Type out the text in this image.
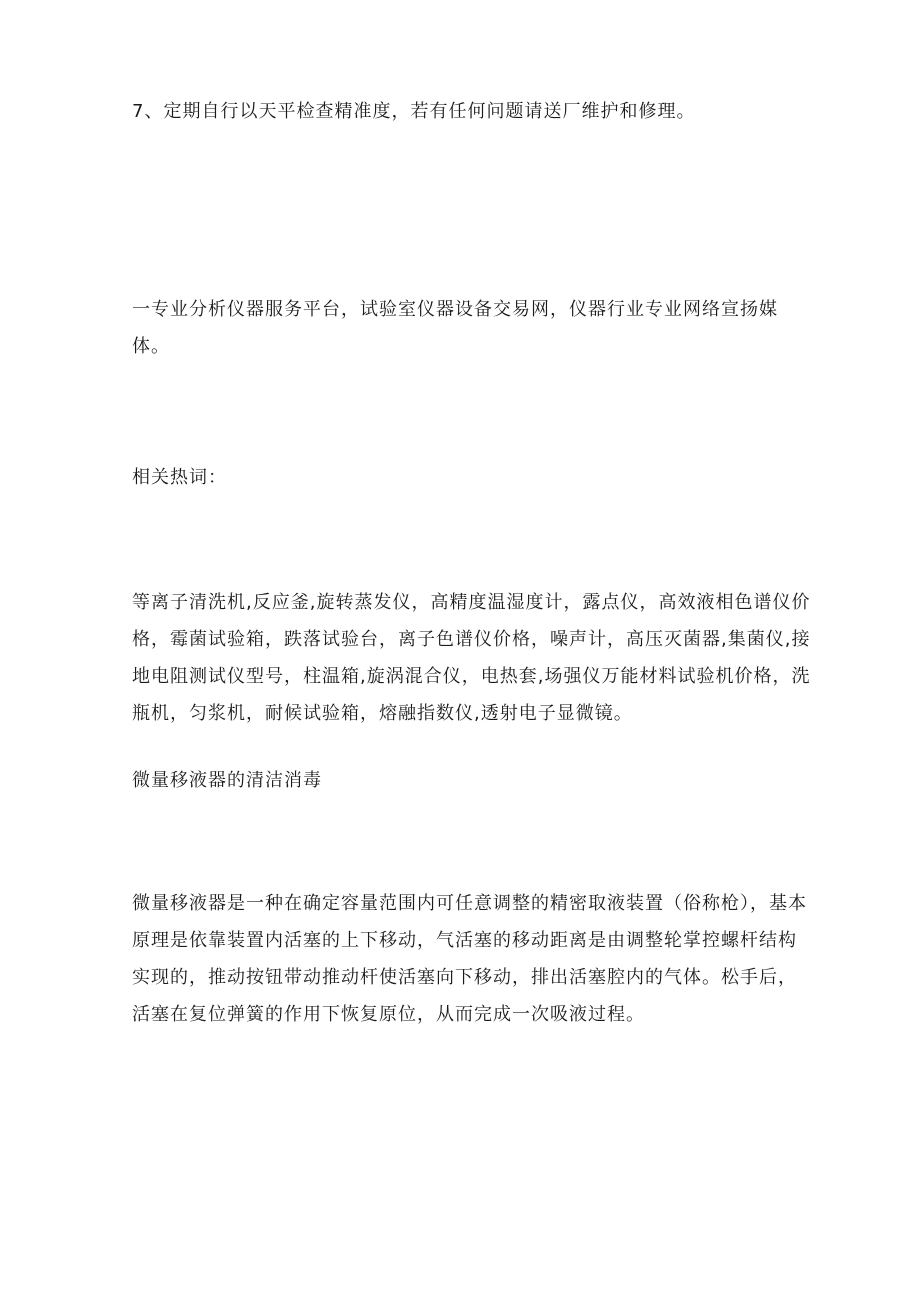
7、定期自行以天平检查精准度，若有任何问题请送厂维护和修理。

一专业分析仪器服务平台，试验室仪器设备交易网，仪器行业专业网络宣扬媒体。

相关热词：

等离子清洗机,反应釜,旋转蒸发仪，高精度温湿度计，露点仪，高效液相色谱仪价格，霉菌试验箱，跌落试验台，离子色谱仪价格，噪声计，高压灭菌器,集菌仪,接地电阻测试仪型号，柱温箱,旋涡混合仪，电热套,场强仪万能材料试验机价格，洗瓶机，匀浆机，耐候试验箱，熔融指数仪,透射电子显微镜。

微量移液器的清洁消毒

微量移液器是一种在确定容量范围内可任意调整的精密取液装置（俗称枪），基本原理是依靠装置内活塞的上下移动，气活塞的移动距离是由调整轮掌控螺杆结构实现的，推动按钮带动推动杆使活塞向下移动，排出活塞腔内的气体。松手后，活塞在复位弹簧的作用下恢复原位，从而完成一次吸液过程。
